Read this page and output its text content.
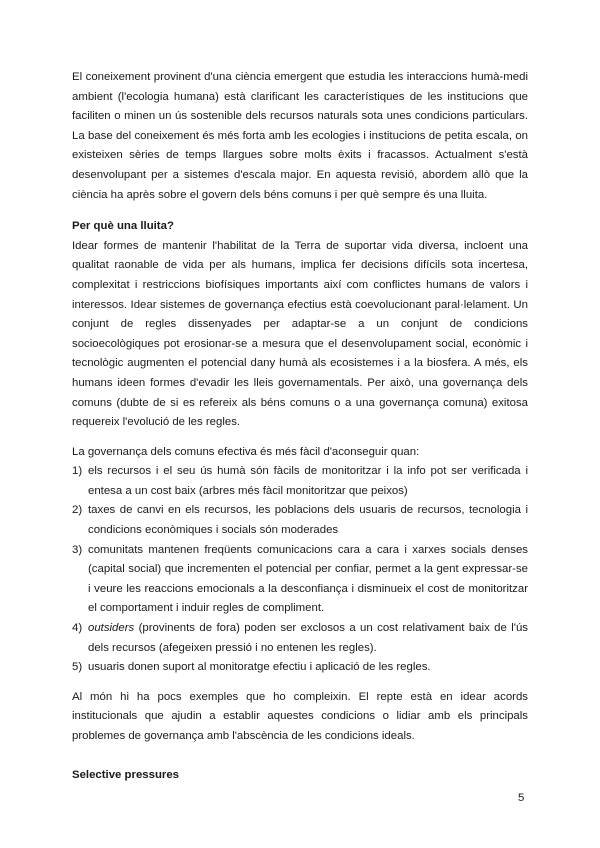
El coneixement provinent d'una ciència emergent que estudia les interaccions humà-medi ambient (l'ecologia humana) està clarificant les característiques de les institucions que faciliten o minen un ús sostenible dels recursos naturals sota unes condicions particulars. La base del coneixement és més forta amb les ecologies i institucions de petita escala, on existeixen sèries de temps llargues sobre molts èxits i fracassos. Actualment s'està desenvolupant per a sistemes d'escala major. En aquesta revisió, abordem allò que la ciència ha après sobre el govern dels béns comuns i per què sempre és una lluita.

Per què una lluita?

Idear formes de mantenir l'habilitat de la Terra de suportar vida diversa, incloent una qualitat raonable de vida per als humans, implica fer decisions difícils sota incertesa, complexitat i restriccions biofísiques importants així com conflictes humans de valors i interessos. Idear sistemes de governança efectius està coevolucionant paral·lelament. Un conjunt de regles dissenyades per adaptar-se a un conjunt de condicions socioecològiques pot erosionar-se a mesura que el desenvolupament social, econòmic i tecnològic augmenten el potencial dany humà als ecosistemes i a la biosfera. A més, els humans ideen formes d'evadir les lleis governamentals. Per això, una governança dels comuns (dubte de si es refereix als béns comuns o a una governança comuna) exitosa requereix l'evolució de les regles.

La governança dels comuns efectiva és més fàcil d'aconseguir quan:

1) els recursos i el seu ús humà són fàcils de monitoritzar i la info pot ser verificada i entesa a un cost baix (arbres més fàcil monitoritzar que peixos)
2) taxes de canvi en els recursos, les poblacions dels usuaris de recursos, tecnologia i condicions econòmiques i socials són moderades
3) comunitats mantenen freqüents comunicacions cara a cara i xarxes socials denses (capital social) que incrementen el potencial per confiar, permet a la gent expressar-se i veure les reaccions emocionals a la desconfiança i disminueix el cost de monitoritzar el comportament i induir regles de compliment.
4) outsiders (provinents de fora) poden ser exclosos a un cost relativament baix de l'ús dels recursos (afegeixen pressió i no entenen les regles).
5) usuaris donen suport al monitoratge efectiu i aplicació de les regles.

Al món hi ha pocs exemples que ho compleixin. El repte està en idear acords institucionals que ajudin a establir aquestes condicions o lidiar amb els principals problemes de governança amb l'abscència de les condicions ideals.

Selective pressures

5
